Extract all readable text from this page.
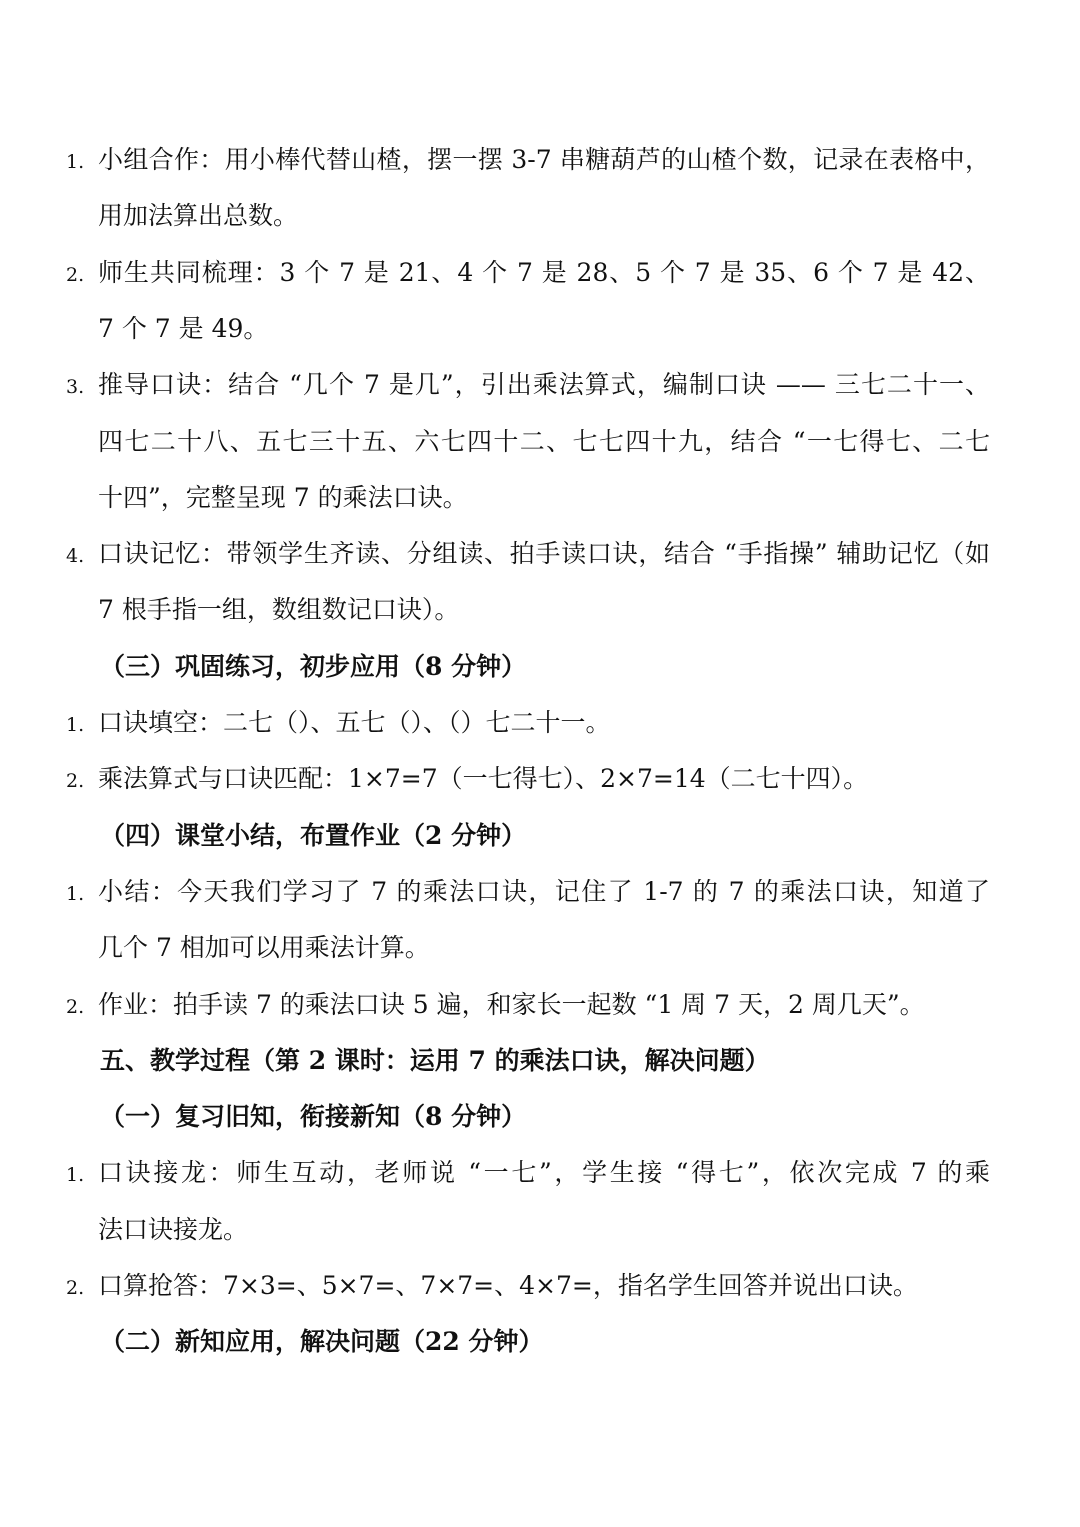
1. 小组合作：用小棒代替山楂，摆一摆 3-7 串糖葫芦的山楂个数，记录在表格中，
用加法算出总数。
2. 师生共同梳理：3 个 7 是 21、4 个 7 是 28、5 个 7 是 35、6 个 7 是 42、
7 个 7 是 49。
3. 推导口诀：结合 “几个 7 是几”，引出乘法算式，编制口诀 —— 三七二十一、
四七二十八、五七三十五、六七四十二、七七四十九，结合 “一七得七、二七
十四”，完整呈现 7 的乘法口诀。
4. 口诀记忆：带领学生齐读、分组读、拍手读口诀，结合 “手指操” 辅助记忆（如
7 根手指一组，数组数记口诀）。
（三）巩固练习，初步应用（8 分钟）
1. 口诀填空：二七（）、五七（）、（）七二十一。
2. 乘法算式与口诀匹配：1×7=7（一七得七）、2×7=14（二七十四）。
（四）课堂小结，布置作业（2 分钟）
1. 小结：今天我们学习了 7 的乘法口诀，记住了 1-7 的 7 的乘法口诀，知道了
几个 7 相加可以用乘法计算。
2. 作业：拍手读 7 的乘法口诀 5 遍，和家长一起数 “1 周 7 天，2 周几天”。
五、教学过程（第 2 课时：运用 7 的乘法口诀，解决问题）
（一）复习旧知，衔接新知（8 分钟）
1. 口诀接龙：师生互动，老师说 “一七”，学生接 “得七”，依次完成 7 的乘
法口诀接龙。
2. 口算抢答：7×3=、5×7=、7×7=、4×7=，指名学生回答并说出口诀。
（二）新知应用，解决问题（22 分钟）
